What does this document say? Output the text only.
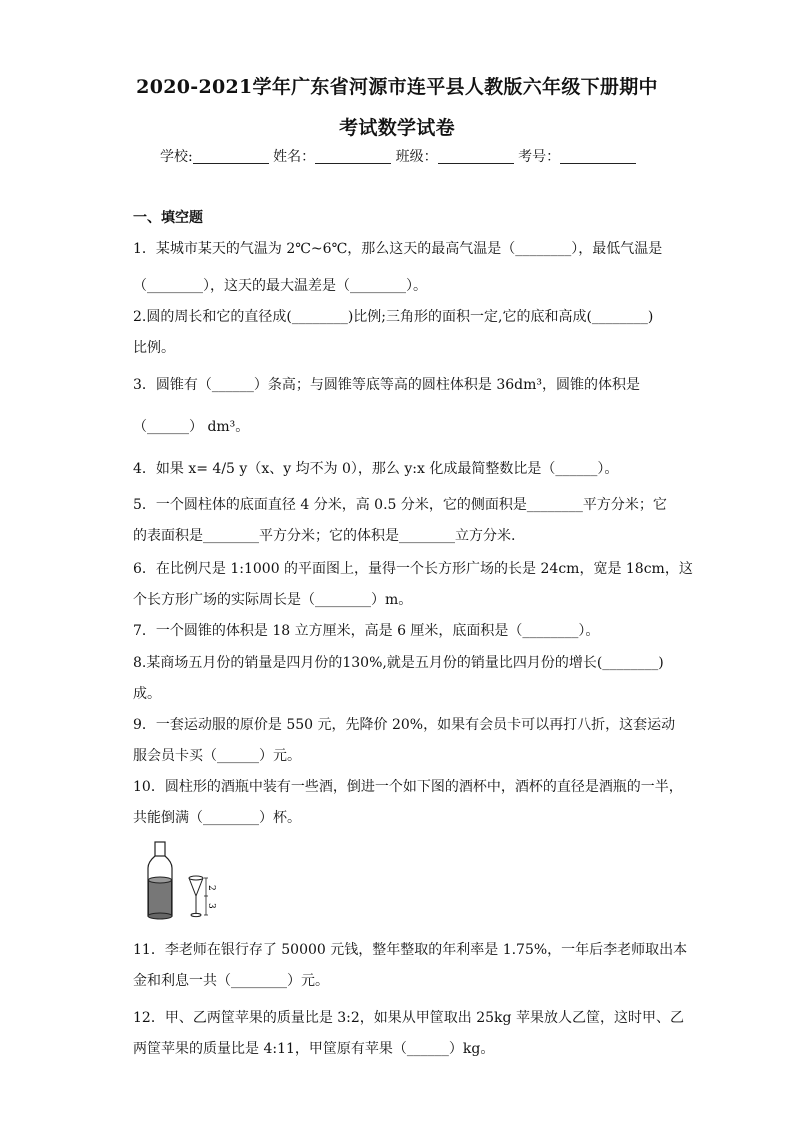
2020-2021学年广东省河源市连平县人教版六年级下册期中
考试数学试卷
学校:	姓名：	班级：	考号：
一、填空题
1．某城市某天的气温为 2℃~6℃，那么这天的最高气温是（________），最低气温是
（________），这天的最大温差是（________）。
2.圆的周长和它的直径成(________)比例;三角形的面积一定,它的底和高成(________)
比例。
3．圆锥有（______）条高；与圆锥等底等高的圆柱体积是 36dm³，圆锥的体积是
（______） dm³。
4．如果 x= 4/5 y（x、y 均不为 0），那么 y:x 化成最简整数比是（______）。
5．一个圆柱体的底面直径 4 分米，高 0.5 分米，它的侧面积是________平方分米；它
的表面积是________平方分米；它的体积是________立方分米.
6．在比例尺是 1:1000 的平面图上，量得一个长方形广场的长是 24cm，宽是 18cm，这
个长方形广场的实际周长是（________）m。
7．一个圆锥的体积是 18 立方厘米，高是 6 厘米，底面积是（________）。
8.某商场五月份的销量是四月份的130%,就是五月份的销量比四月份的增长(________)
成。
9．一套运动服的原价是 550 元，先降价 20%，如果有会员卡可以再打八折，这套运动
服会员卡买（______）元。
10．圆柱形的酒瓶中装有一些酒，倒进一个如下图的酒杯中，酒杯的直径是酒瓶的一半，
共能倒满（________）杯。
2
3
11．李老师在银行存了 50000 元钱，整年整取的年利率是 1.75%，一年后李老师取出本
金和利息一共（________）元。
12．甲、乙两筐苹果的质量比是 3:2，如果从甲筐取出 25kg 苹果放人乙筐，这时甲、乙
两筐苹果的质量比是 4:11，甲筐原有苹果（______）kg。
